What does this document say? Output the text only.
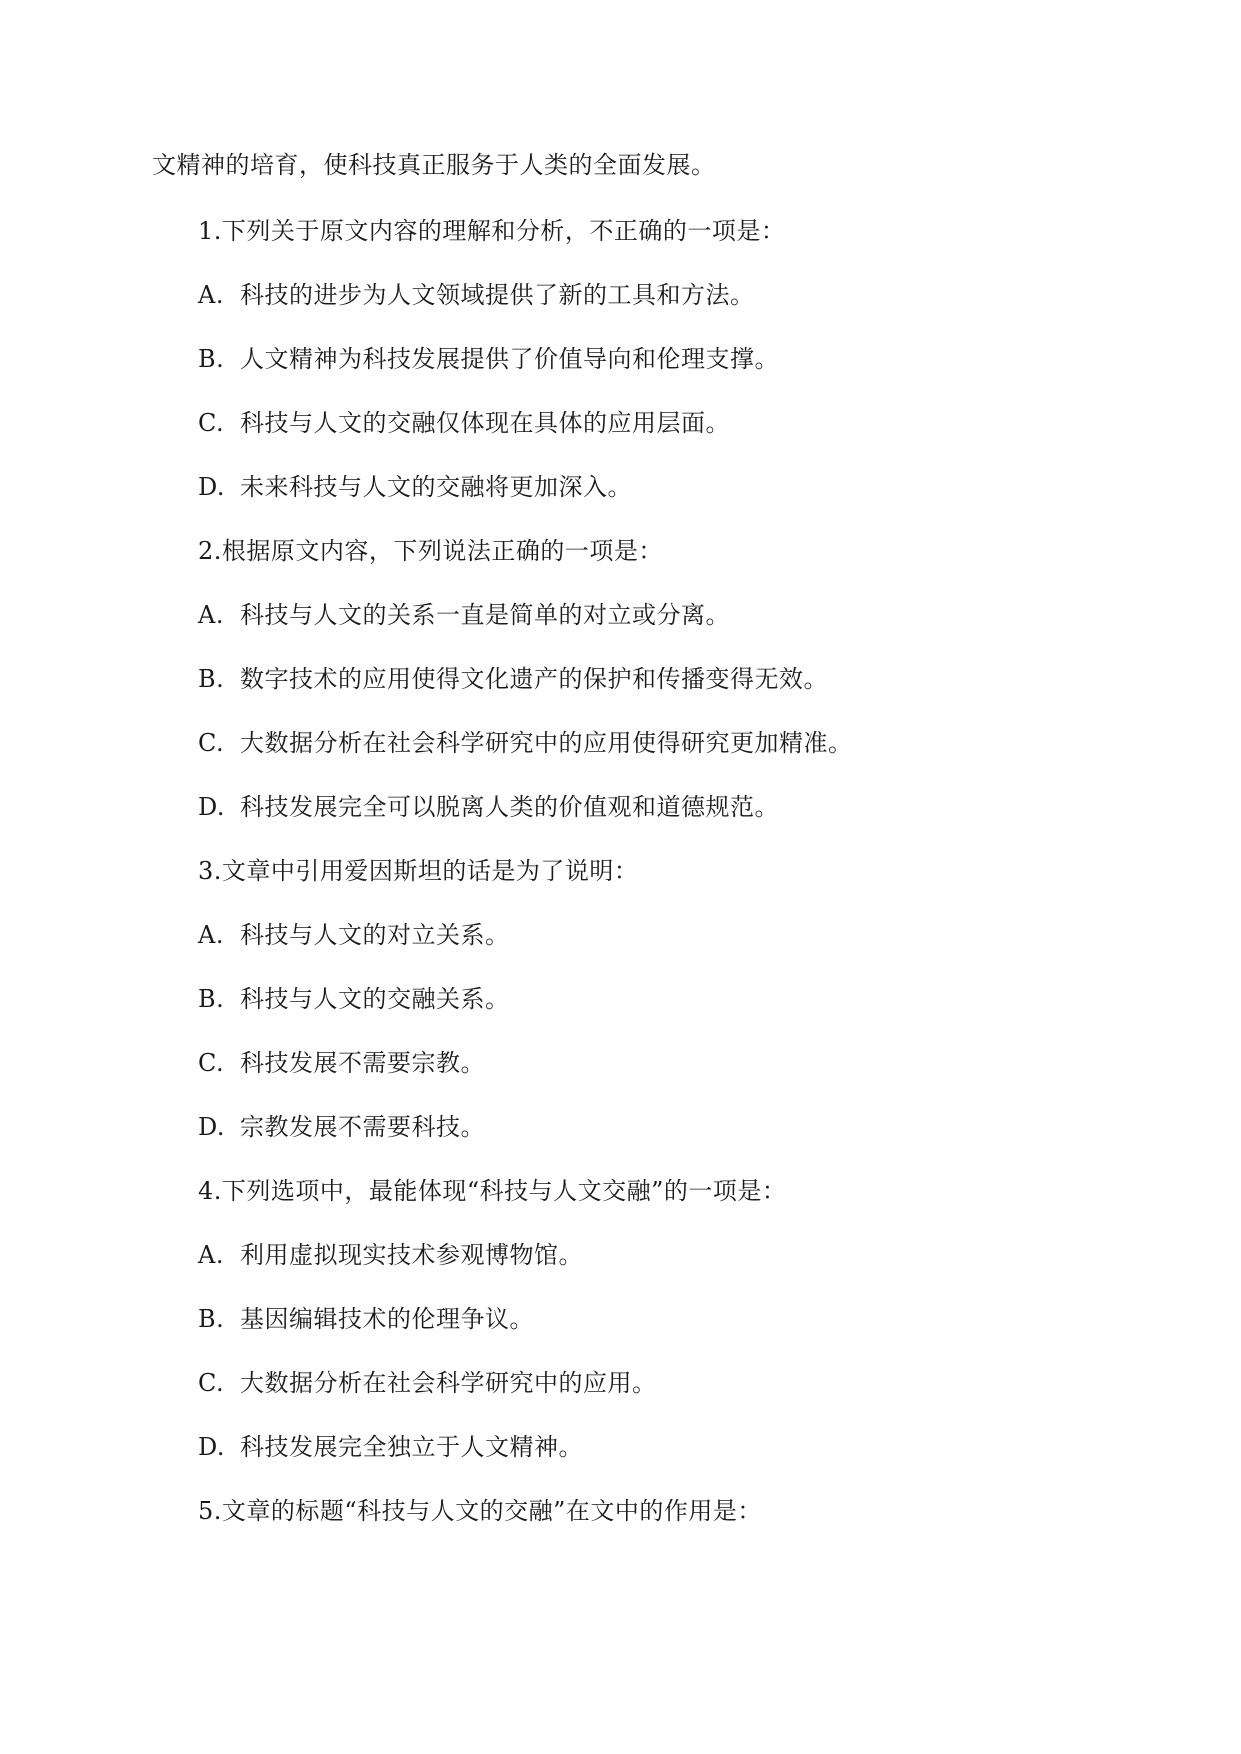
文精神的培育，使科技真正服务于人类的全面发展。
1.下列关于原文内容的理解和分析，不正确的一项是：
A. 科技的进步为人文领域提供了新的工具和方法。
B. 人文精神为科技发展提供了价值导向和伦理支撑。
C. 科技与人文的交融仅体现在具体的应用层面。
D. 未来科技与人文的交融将更加深入。
2.根据原文内容，下列说法正确的一项是：
A. 科技与人文的关系一直是简单的对立或分离。
B. 数字技术的应用使得文化遗产的保护和传播变得无效。
C. 大数据分析在社会科学研究中的应用使得研究更加精准。
D. 科技发展完全可以脱离人类的价值观和道德规范。
3.文章中引用爱因斯坦的话是为了说明：
A. 科技与人文的对立关系。
B. 科技与人文的交融关系。
C. 科技发展不需要宗教。
D. 宗教发展不需要科技。
4.下列选项中，最能体现“科技与人文交融”的一项是：
A. 利用虚拟现实技术参观博物馆。
B. 基因编辑技术的伦理争议。
C. 大数据分析在社会科学研究中的应用。
D. 科技发展完全独立于人文精神。
5.文章的标题“科技与人文的交融”在文中的作用是：
